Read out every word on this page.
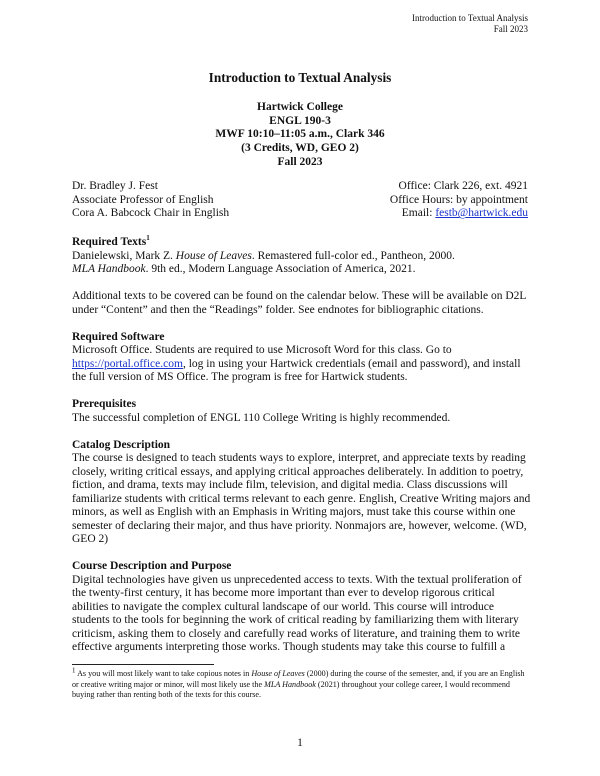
Introduction to Textual Analysis
Fall 2023
Introduction to Textual Analysis
Hartwick College
ENGL 190-3
MWF 10:10–11:05 a.m., Clark 346
(3 Credits, WD, GEO 2)
Fall 2023
Dr. Bradley J. Fest	Office: Clark 226, ext. 4921
Associate Professor of English	Office Hours: by appointment
Cora A. Babcock Chair in English	Email: festb@hartwick.edu
Required Texts$^1$

Danielewski, Mark Z. House of Leaves. Remastered full-color ed., Pantheon, 2000.

MLA Handbook. 9th ed., Modern Language Association of America, 2021.

Additional texts to be covered can be found on the calendar below. These will be available on D2L under “Content” and then the “Readings” folder. See endnotes for bibliographic citations.

Required Software

Microsoft Office. Students are required to use Microsoft Word for this class. Go to https://portal.office.com, log in using your Hartwick credentials (email and password), and install the full version of MS Office. The program is free for Hartwick students.

Prerequisites

The successful completion of ENGL 110 College Writing is highly recommended.

Catalog Description

The course is designed to teach students ways to explore, interpret, and appreciate texts by reading closely, writing critical essays, and applying critical approaches deliberately. In addition to poetry, fiction, and drama, texts may include film, television, and digital media. Class discussions will familiarize students with critical terms relevant to each genre. English, Creative Writing majors and minors, as well as English with an Emphasis in Writing majors, must take this course within one semester of declaring their major, and thus have priority. Nonmajors are, however, welcome. (WD, GEO 2)

Course Description and Purpose

Digital technologies have given us unprecedented access to texts. With the textual proliferation of the twenty-first century, it has become more important than ever to develop rigorous critical abilities to navigate the complex cultural landscape of our world. This course will introduce students to the tools for beginning the work of critical reading by familiarizing them with literary criticism, asking them to closely and carefully read works of literature, and training them to write effective arguments interpreting those works. Though students may take this course to fulfill a

1 As you will most likely want to take copious notes in House of Leaves (2000) during the course of the semester, and, if you are an English or creative writing major or minor, will most likely use the MLA Handbook (2021) throughout your college career, I would recommend buying rather than renting both of the texts for this course.
1
